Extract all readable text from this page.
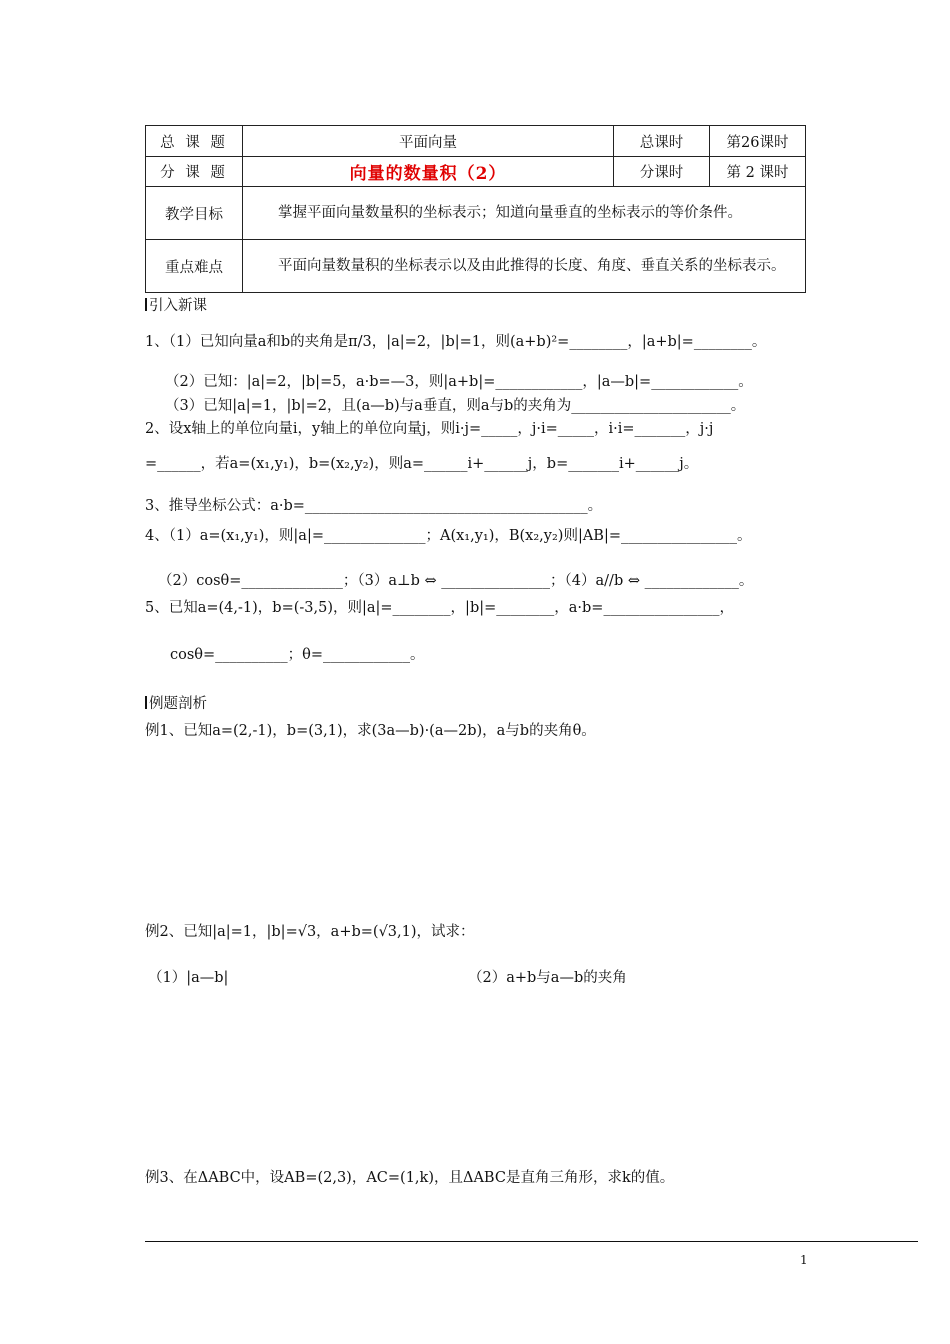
总 课 题	平面向量	总课时	第26课时
分 课 题	向量的数量积（2）	分课时	第 2 课时
教学目标	掌握平面向量数量积的坐标表示；知道向量垂直的坐标表示的等价条件。		
重点难点	平面向量数量积的坐标表示以及由此推得的长度、角度、垂直关系的坐标表示。		
引入新课
1、（1）已知向量a和b的夹角是π/3，|a|=2，|b|=1，则(a+b)²=________，|a+b|=________。
（2）已知：|a|=2，|b|=5，a·b=—3，则|a+b|=____________，|a—b|=____________。
（3）已知|a|=1，|b|=2，且(a—b)与a垂直，则a与b的夹角为______________________。
2、设x轴上的单位向量i，y轴上的单位向量j，则i·j=_____，j·i=_____，i·i=_______，j·j
=______，若a=(x₁,y₁)，b=(x₂,y₂)，则a=______i+______j，b=_______i+______j。
3、推导坐标公式：a·b=_______________________________________。
4、（1）a=(x₁,y₁)，则|a|=______________；A(x₁,y₁)，B(x₂,y₂)则|AB|=________________。
（2）cosθ=______________；（3）a⊥b ⇔ _______________；（4）a//b ⇔ _____________。
5、已知a=(4,-1)，b=(-3,5)，则|a|=________，|b|=________，a·b=________________，
cosθ=__________；θ=____________。
例题剖析
例1、已知a=(2,-1)，b=(3,1)，求(3a—b)·(a—2b)，a与b的夹角θ。
例2、已知|a|=1，|b|=√3，a+b=(√3,1)，试求：
（1）|a—b|	（2）a+b与a—b的夹角
例3、在ΔABC中，设AB=(2,3)，AC=(1,k)，且ΔABC是直角三角形，求k的值。
1
